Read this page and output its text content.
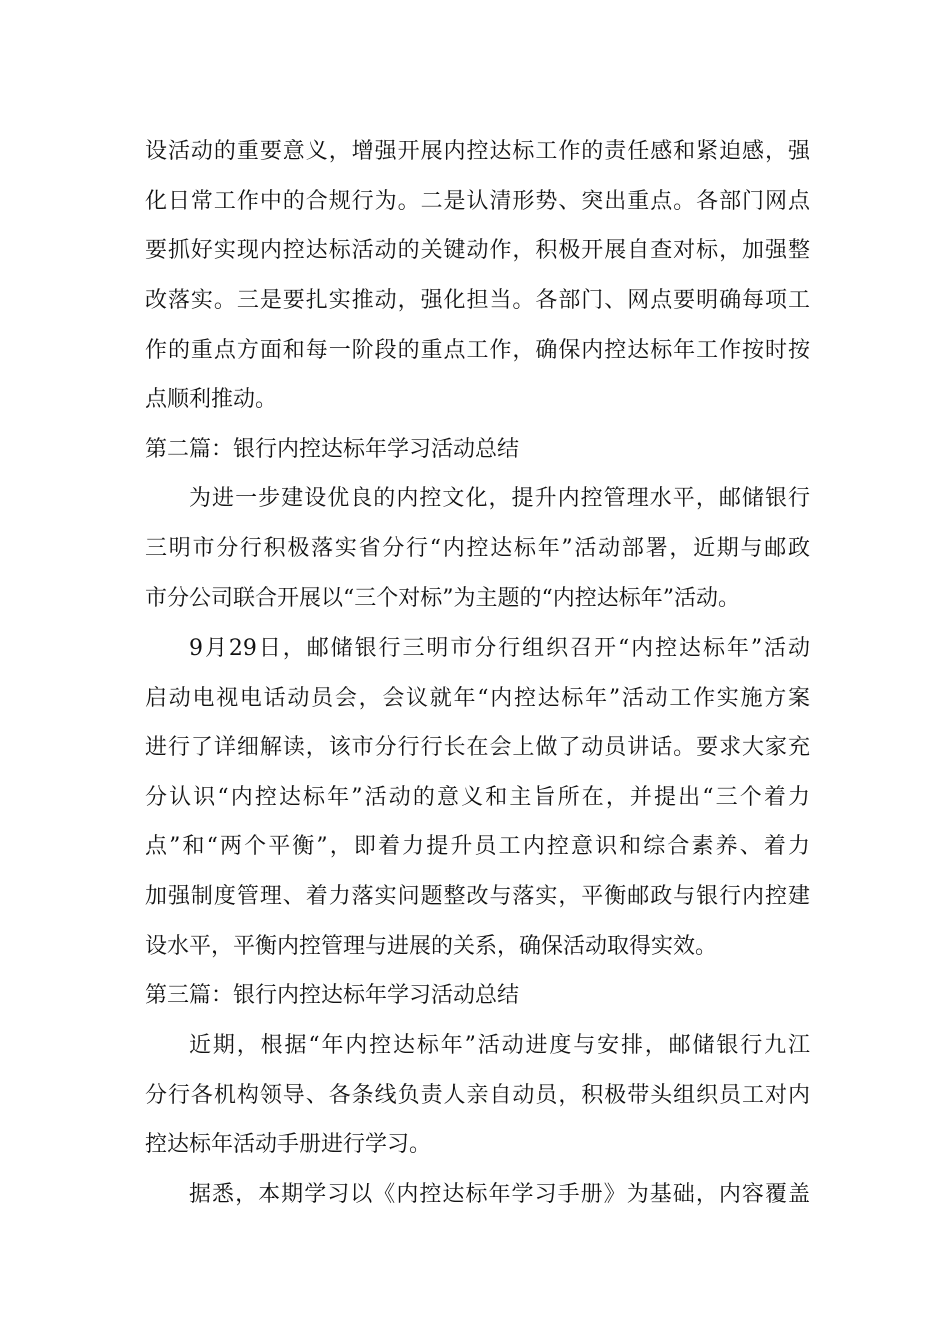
设活动的重要意义，增强开展内控达标工作的责任感和紧迫感，强
化日常工作中的合规行为。二是认清形势、突出重点。各部门网点
要抓好实现内控达标活动的关键动作，积极开展自查对标，加强整
改落实。三是要扎实推动，强化担当。各部门、网点要明确每项工
作的重点方面和每一阶段的重点工作，确保内控达标年工作按时按
点顺利推动。
第二篇：银行内控达标年学习活动总结
为进一步建设优良的内控文化，提升内控管理水平，邮储银行
三明市分行积极落实省分行“内控达标年”活动部署，近期与邮政
市分公司联合开展以“三个对标”为主题的“内控达标年”活动。
9月29日，邮储银行三明市分行组织召开“内控达标年”活动
启动电视电话动员会，会议就年“内控达标年”活动工作实施方案
进行了详细解读，该市分行行长在会上做了动员讲话。要求大家充
分认识“内控达标年”活动的意义和主旨所在，并提出“三个着力
点”和“两个平衡”，即着力提升员工内控意识和综合素养、着力
加强制度管理、着力落实问题整改与落实，平衡邮政与银行内控建
设水平，平衡内控管理与进展的关系，确保活动取得实效。
第三篇：银行内控达标年学习活动总结
近期，根据“年内控达标年”活动进度与安排，邮储银行九江
分行各机构领导、各条线负责人亲自动员，积极带头组织员工对内
控达标年活动手册进行学习。
据悉，本期学习以《内控达标年学习手册》为基础，内容覆盖
